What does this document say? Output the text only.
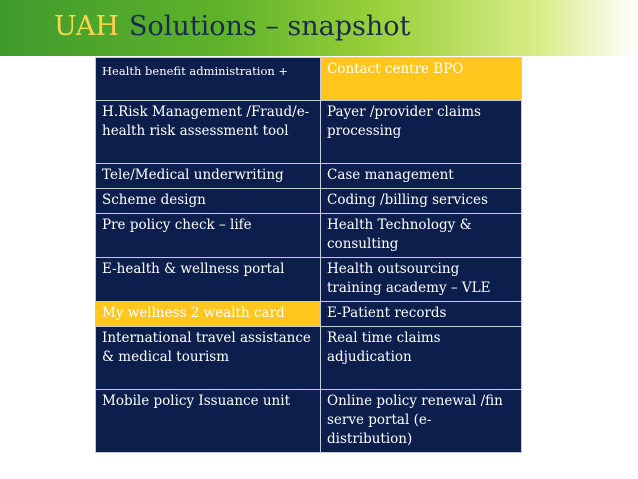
UAH Solutions – snapshot
Health benefit administration +	Contact centre BPO
H.Risk Management /Fraud/e-health risk assessment tool	Payer /provider claims processing
Tele/Medical underwriting	Case management
Scheme design	Coding /billing services
Pre policy check – life	Health Technology & consulting
E-health & wellness portal	Health outsourcing training academy – VLE
My wellness 2 wealth card	E-Patient records
International travel assistance & medical tourism	Real time claims adjudication
Mobile policy Issuance unit	Online policy renewal /fin serve portal (e-distribution)
